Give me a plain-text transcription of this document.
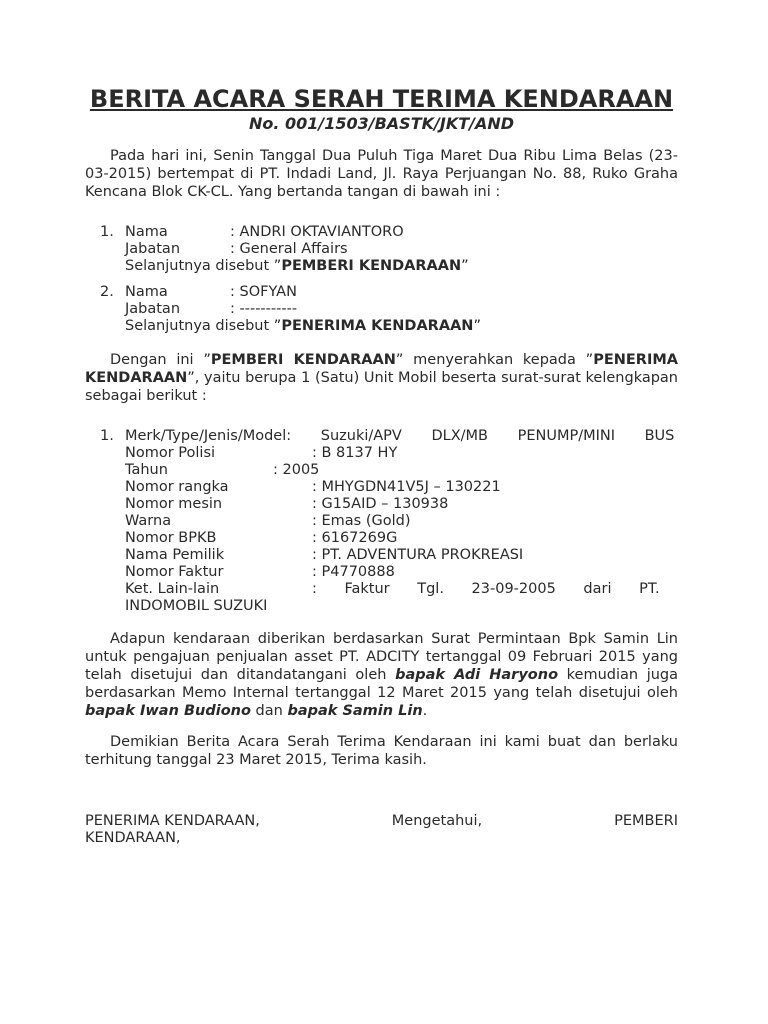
BERITA ACARA SERAH TERIMA KENDARAAN
No. 001/1503/BASTK/JKT/AND

Pada hari ini, Senin Tanggal Dua Puluh Tiga Maret Dua Ribu Lima Belas (23-03-2015) bertempat di PT. Indadi Land, Jl. Raya Perjuangan No. 88, Ruko Graha Kencana Blok CK-CL. Yang bertanda tangan di bawah ini :

1. Nama	: ANDRI OKTAVIANTORO
Jabatan	: General Affairs
Selanjutnya disebut ”PEMBERI KENDARAAN”
2. Nama	: SOFYAN
Jabatan	: -----------
Selanjutnya disebut ”PENERIMA KENDARAAN”

Dengan ini ”PEMBERI KENDARAAN” menyerahkan kepada ”PENERIMA KENDARAAN”, yaitu berupa 1 (Satu) Unit Mobil beserta surat-surat kelengkapan sebagai berikut :

1. Merk/Type/Jenis/Model : Suzuki/APV DLX/MB PENUMP/MINI BUS
Nomor Polisi	: B 8137 HY
Tahun	: 2005
Nomor rangka	: MHYGDN41V5J – 130221
Nomor mesin	: G15AID – 130938
Warna	: Emas (Gold)
Nomor BPKB	: 6167269G
Nama Pemilik	: PT. ADVENTURA PROKREASI
Nomor Faktur	: P4770888
Ket. Lain-lain	: Faktur Tgl. 23-09-2005 dari PT.
INDOMOBIL SUZUKI

Adapun kendaraan diberikan berdasarkan Surat Permintaan Bpk Samin Lin untuk pengajuan penjualan asset PT. ADCITY tertanggal 09 Februari 2015 yang telah disetujui dan ditandatangani oleh bapak Adi Haryono kemudian juga berdasarkan Memo Internal tertanggal 12 Maret 2015 yang telah disetujui oleh bapak Iwan Budiono dan bapak Samin Lin.

Demikian Berita Acara Serah Terima Kendaraan ini kami buat dan berlaku terhitung tanggal 23 Maret 2015, Terima kasih.

PENERIMA KENDARAAN,	Mengetahui,	PEMBERI
KENDARAAN,
